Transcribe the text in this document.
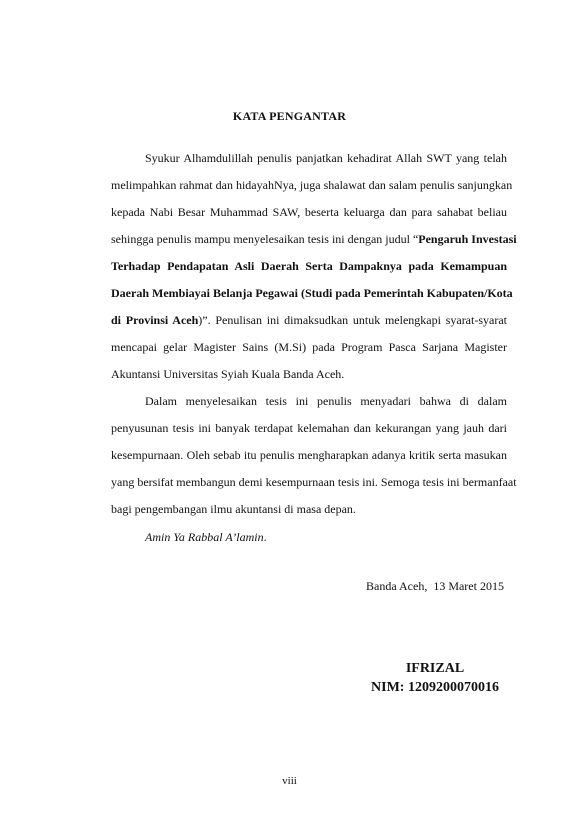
KATA PENGANTAR
Syukur Alhamdulillah penulis panjatkan kehadirat Allah SWT yang telah
melimpahkan rahmat dan hidayahNya, juga shalawat dan salam penulis sanjungkan
kepada Nabi Besar Muhammad SAW, beserta keluarga dan para sahabat beliau
sehingga penulis mampu menyelesaikan tesis ini dengan judul “Pengaruh Investasi
Terhadap Pendapatan Asli Daerah Serta Dampaknya pada Kemampuan
Daerah Membiayai Belanja Pegawai (Studi pada Pemerintah Kabupaten/Kota
di Provinsi Aceh)”. Penulisan ini dimaksudkan untuk melengkapi syarat-syarat
mencapai gelar Magister Sains (M.Si) pada Program Pasca Sarjana Magister
Akuntansi Universitas Syiah Kuala Banda Aceh.
Dalam menyelesaikan tesis ini penulis menyadari bahwa di dalam
penyusunan tesis ini banyak terdapat kelemahan dan kekurangan yang jauh dari
kesempurnaan. Oleh sebab itu penulis mengharapkan adanya kritik serta masukan
yang bersifat membangun demi kesempurnaan tesis ini. Semoga tesis ini bermanfaat
bagi pengembangan ilmu akuntansi di masa depan.
Amin Ya Rabbal A’lamin.
Banda Aceh,  13 Maret 2015
IFRIZAL
NIM: 1209200070016
viii
